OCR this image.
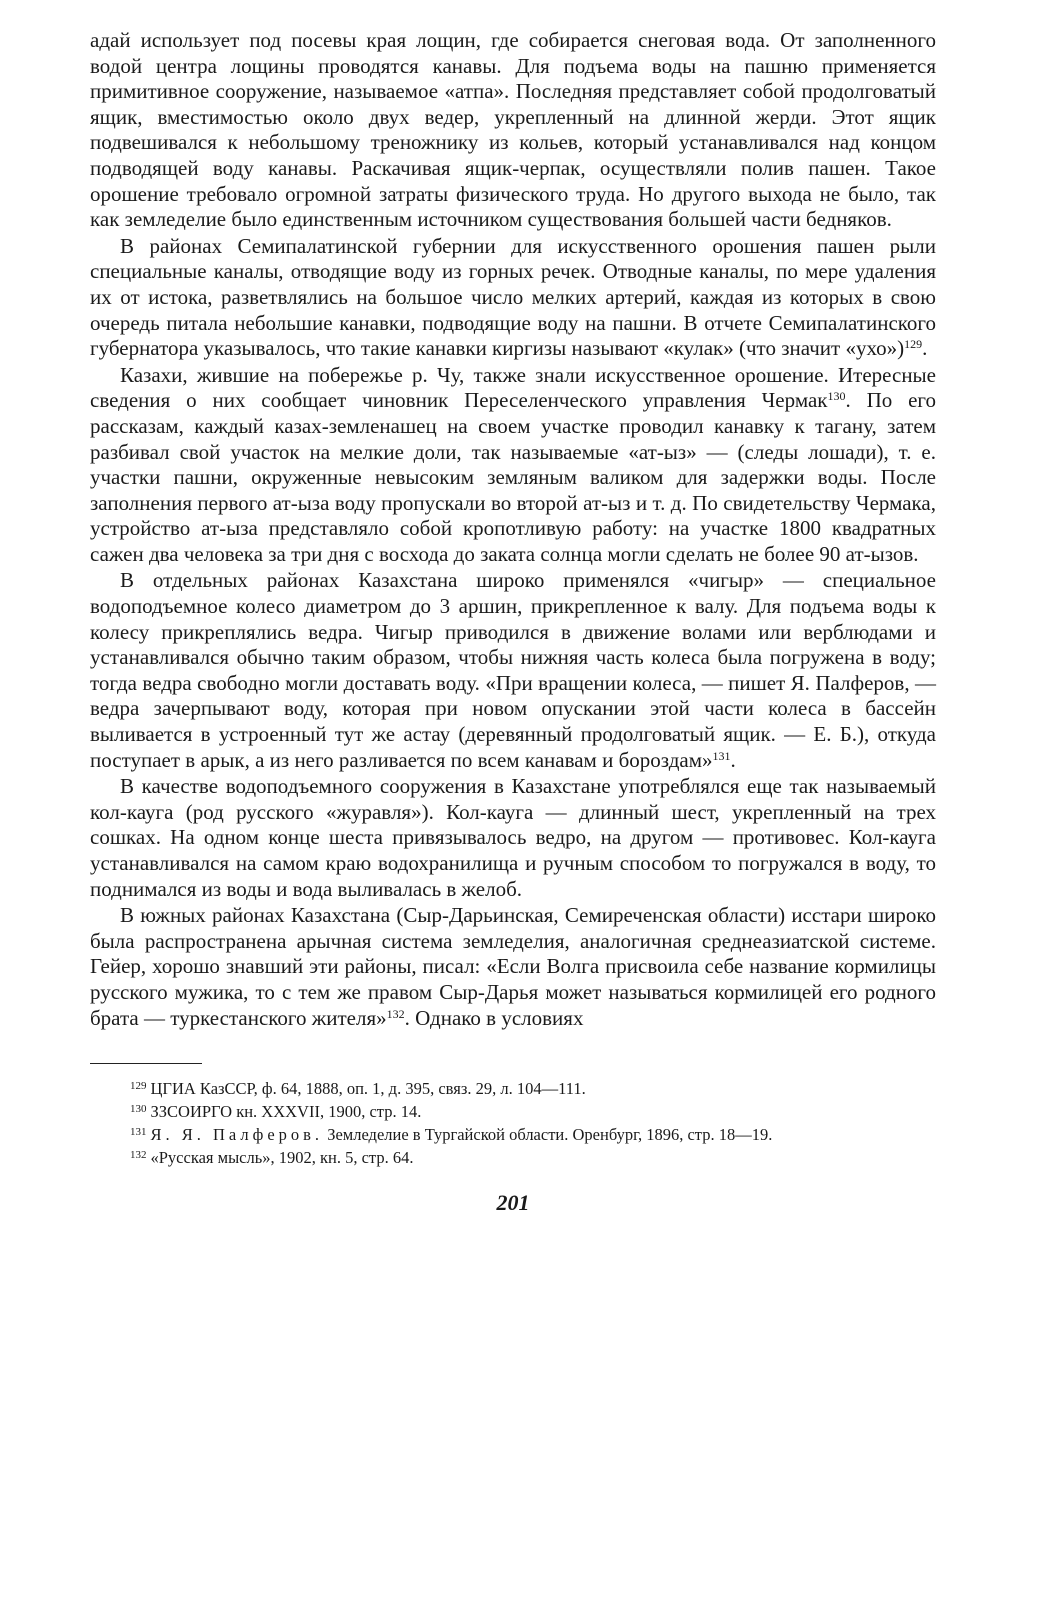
адай использует под посевы края лощин, где собирается снеговая вода. От заполненного водой центра лощины проводятся канавы. Для подъема воды на пашню применяется примитивное сооружение, называемое «атпа». Последняя представляет собой продолговатый ящик, вместимостью около двух ведер, укрепленный на длинной жерди. Этот ящик подвешивался к небольшому треножнику из кольев, который устанавливался над концом подводящей воду канавы. Раскачивая ящик-черпак, осуществляли полив пашен. Такое орошение требовало огромной затраты физического труда. Но другого выхода не было, так как земледелие было единственным источником существования большей части бедняков.

В районах Семипалатинской губернии для искусственного орошения пашен рыли специальные каналы, отводящие воду из горных речек. Отводные каналы, по мере удаления их от истока, разветвлялись на большое число мелких артерий, каждая из которых в свою очередь питала небольшие канавки, подводящие воду на пашни. В отчете Семипалатинского губернатора указывалось, что такие канавки киргизы называют «кулак» (что значит «ухо»)$^{129}$.

Казахи, жившие на побережье р. Чу, также знали искусственное орошение. Итересные сведения о них сообщает чиновник Переселенческого управления Чермак$^{130}$. По его рассказам, каждый казах-земленашец на своем участке проводил канавку к тагану, затем разбивал свой участок на мелкие доли, так называемые «ат-ыз» — (следы лошади), т. е. участки пашни, окруженные невысоким земляным валиком для задержки воды. После заполнения первого ат-ыза воду пропускали во второй ат-ыз и т. д. По свидетельству Чермака, устройство ат-ыза представляло собой кропотливую работу: на участке 1800 квадратных сажен два человека за три дня с восхода до заката солнца могли сделать не более 90 ат-ызов.

В отдельных районах Казахстана широко применялся «чигыр» — специальное водоподъемное колесо диаметром до 3 аршин, прикрепленное к валу. Для подъема воды к колесу прикреплялись ведра. Чигыр приводился в движение волами или верблюдами и устанавливался обычно таким образом, чтобы нижняя часть колеса была погружена в воду; тогда ведра свободно могли доставать воду. «При вращении колеса, — пишет Я. Палферов, — ведра зачерпывают воду, которая при новом опускании этой части колеса в бассейн выливается в устроенный тут же астау (деревянный продолговатый ящик. — Е. Б.), откуда поступает в арык, а из него разливается по всем канавам и бороздам»$^{131}$.

В качестве водоподъемного сооружения в Казахстане употреблялся еще так называемый кол-кауга (род русского «журавля»). Кол-кауга — длинный шест, укрепленный на трех сошках. На одном конце шеста привязывалось ведро, на другом — противовес. Кол-кауга устанавливался на самом краю водохранилища и ручным способом то погружался в воду, то поднимался из воды и вода выливалась в желоб.

В южных районах Казахстана (Сыр-Дарьинская, Семиреченская области) исстари широко была распространена арычная система земледелия, аналогичная среднеазиатской системе. Гейер, хорошо знавший эти районы, писал: «Если Волга присвоила себе название кормилицы русского мужика, то с тем же правом Сыр-Дарья может называться кормилицей его родного брата — туркестанского жителя»$^{132}$. Однако в условиях

$^{129}$ ЦГИА КазССР, ф. 64, 1888, оп. 1, д. 395, связ. 29, л. 104—111.

$^{130}$ ЗЗСОИРГО кн. XXXVII, 1900, стр. 14.

$^{131}$ Я. Я. Палферов. Земледелие в Тургайской области. Оренбург, 1896, стр. 18—19.

$^{132}$ «Русская мысль», 1902, кн. 5, стр. 64.

201
